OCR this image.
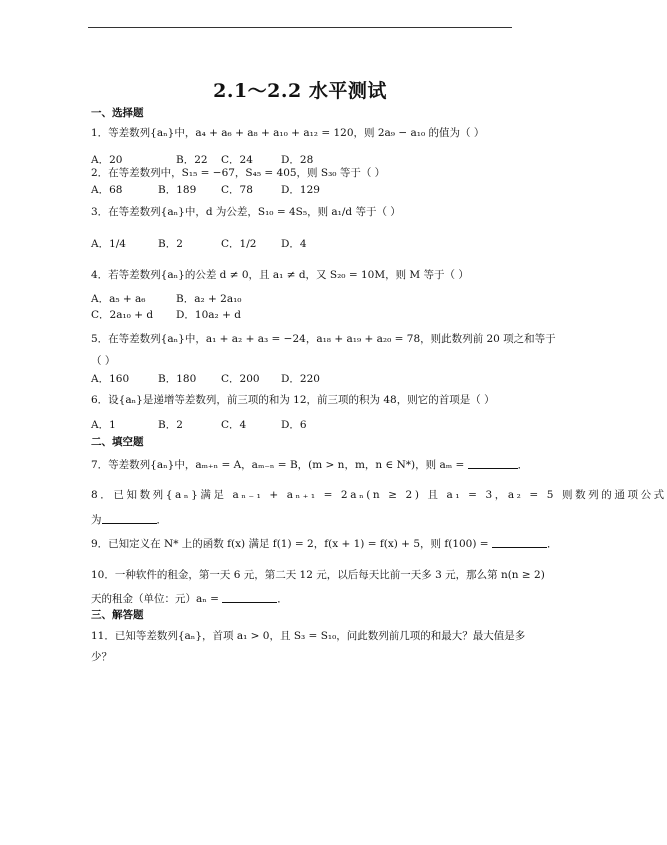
2.1～2.2 水平测试
一、选择题
1．等差数列{aₙ}中，a₄ + a₆ + a₈ + a₁₀ + a₁₂ = 120，则 2a₉ − a₁₀ 的值为（ ）
A．20	B．22 C．24	D．28
2．在等差数列中，S₁₅ = −67，S₄₅ = 405，则 S₃₀ 等于（ ）
A．68	B．189 C．78	D．129
3．在等差数列{aₙ}中，d 为公差，S₁₀ = 4S₅，则 a₁/d 等于（ ）
A．1/4	B．2	C．1/2 D．4
4．若等差数列{aₙ}的公差 d ≠ 0，且 a₁ ≠ d，又 S₂₀ = 10M，则 M 等于（ ）
A．a₅ + a₆	B．a₂ + 2a₁₀
C．2a₁₀ + d D．10a₂ + d
5．在等差数列{aₙ}中，a₁ + a₂ + a₃ = −24，a₁₈ + a₁₉ + a₂₀ = 78，则此数列前 20 项之和等于
（ ）
A．160	B．180 C．200 D．220
6．设{aₙ}是递增等差数列，前三项的和为 12，前三项的积为 48，则它的首项是（ ）
A．1	B．2	C．4	D．6
二、填空题
7．等差数列{aₙ}中，aₘ₊ₙ = A，aₘ₋ₙ = B，(m > n，m，n ∈ N*)，则 aₘ =	．
8．已知数列{aₙ}满足 aₙ₋₁ + aₙ₊₁ = 2aₙ(n ≥ 2) 且 a₁ = 3，a₂ = 5 则数列的通项公式
为	．
9．已知定义在 N* 上的函数 f(x) 满足 f(1) = 2，f(x + 1) = f(x) + 5，则 f(100) =	．
10．一种软件的租金，第一天 6 元，第二天 12 元，以后每天比前一天多 3 元，那么第 n(n ≥ 2)
天的租金（单位：元）aₙ =	．
三、解答题
11．已知等差数列{aₙ}，首项 a₁ > 0，且 S₃ = S₁₀，问此数列前几项的和最大？最大值是多
少？
